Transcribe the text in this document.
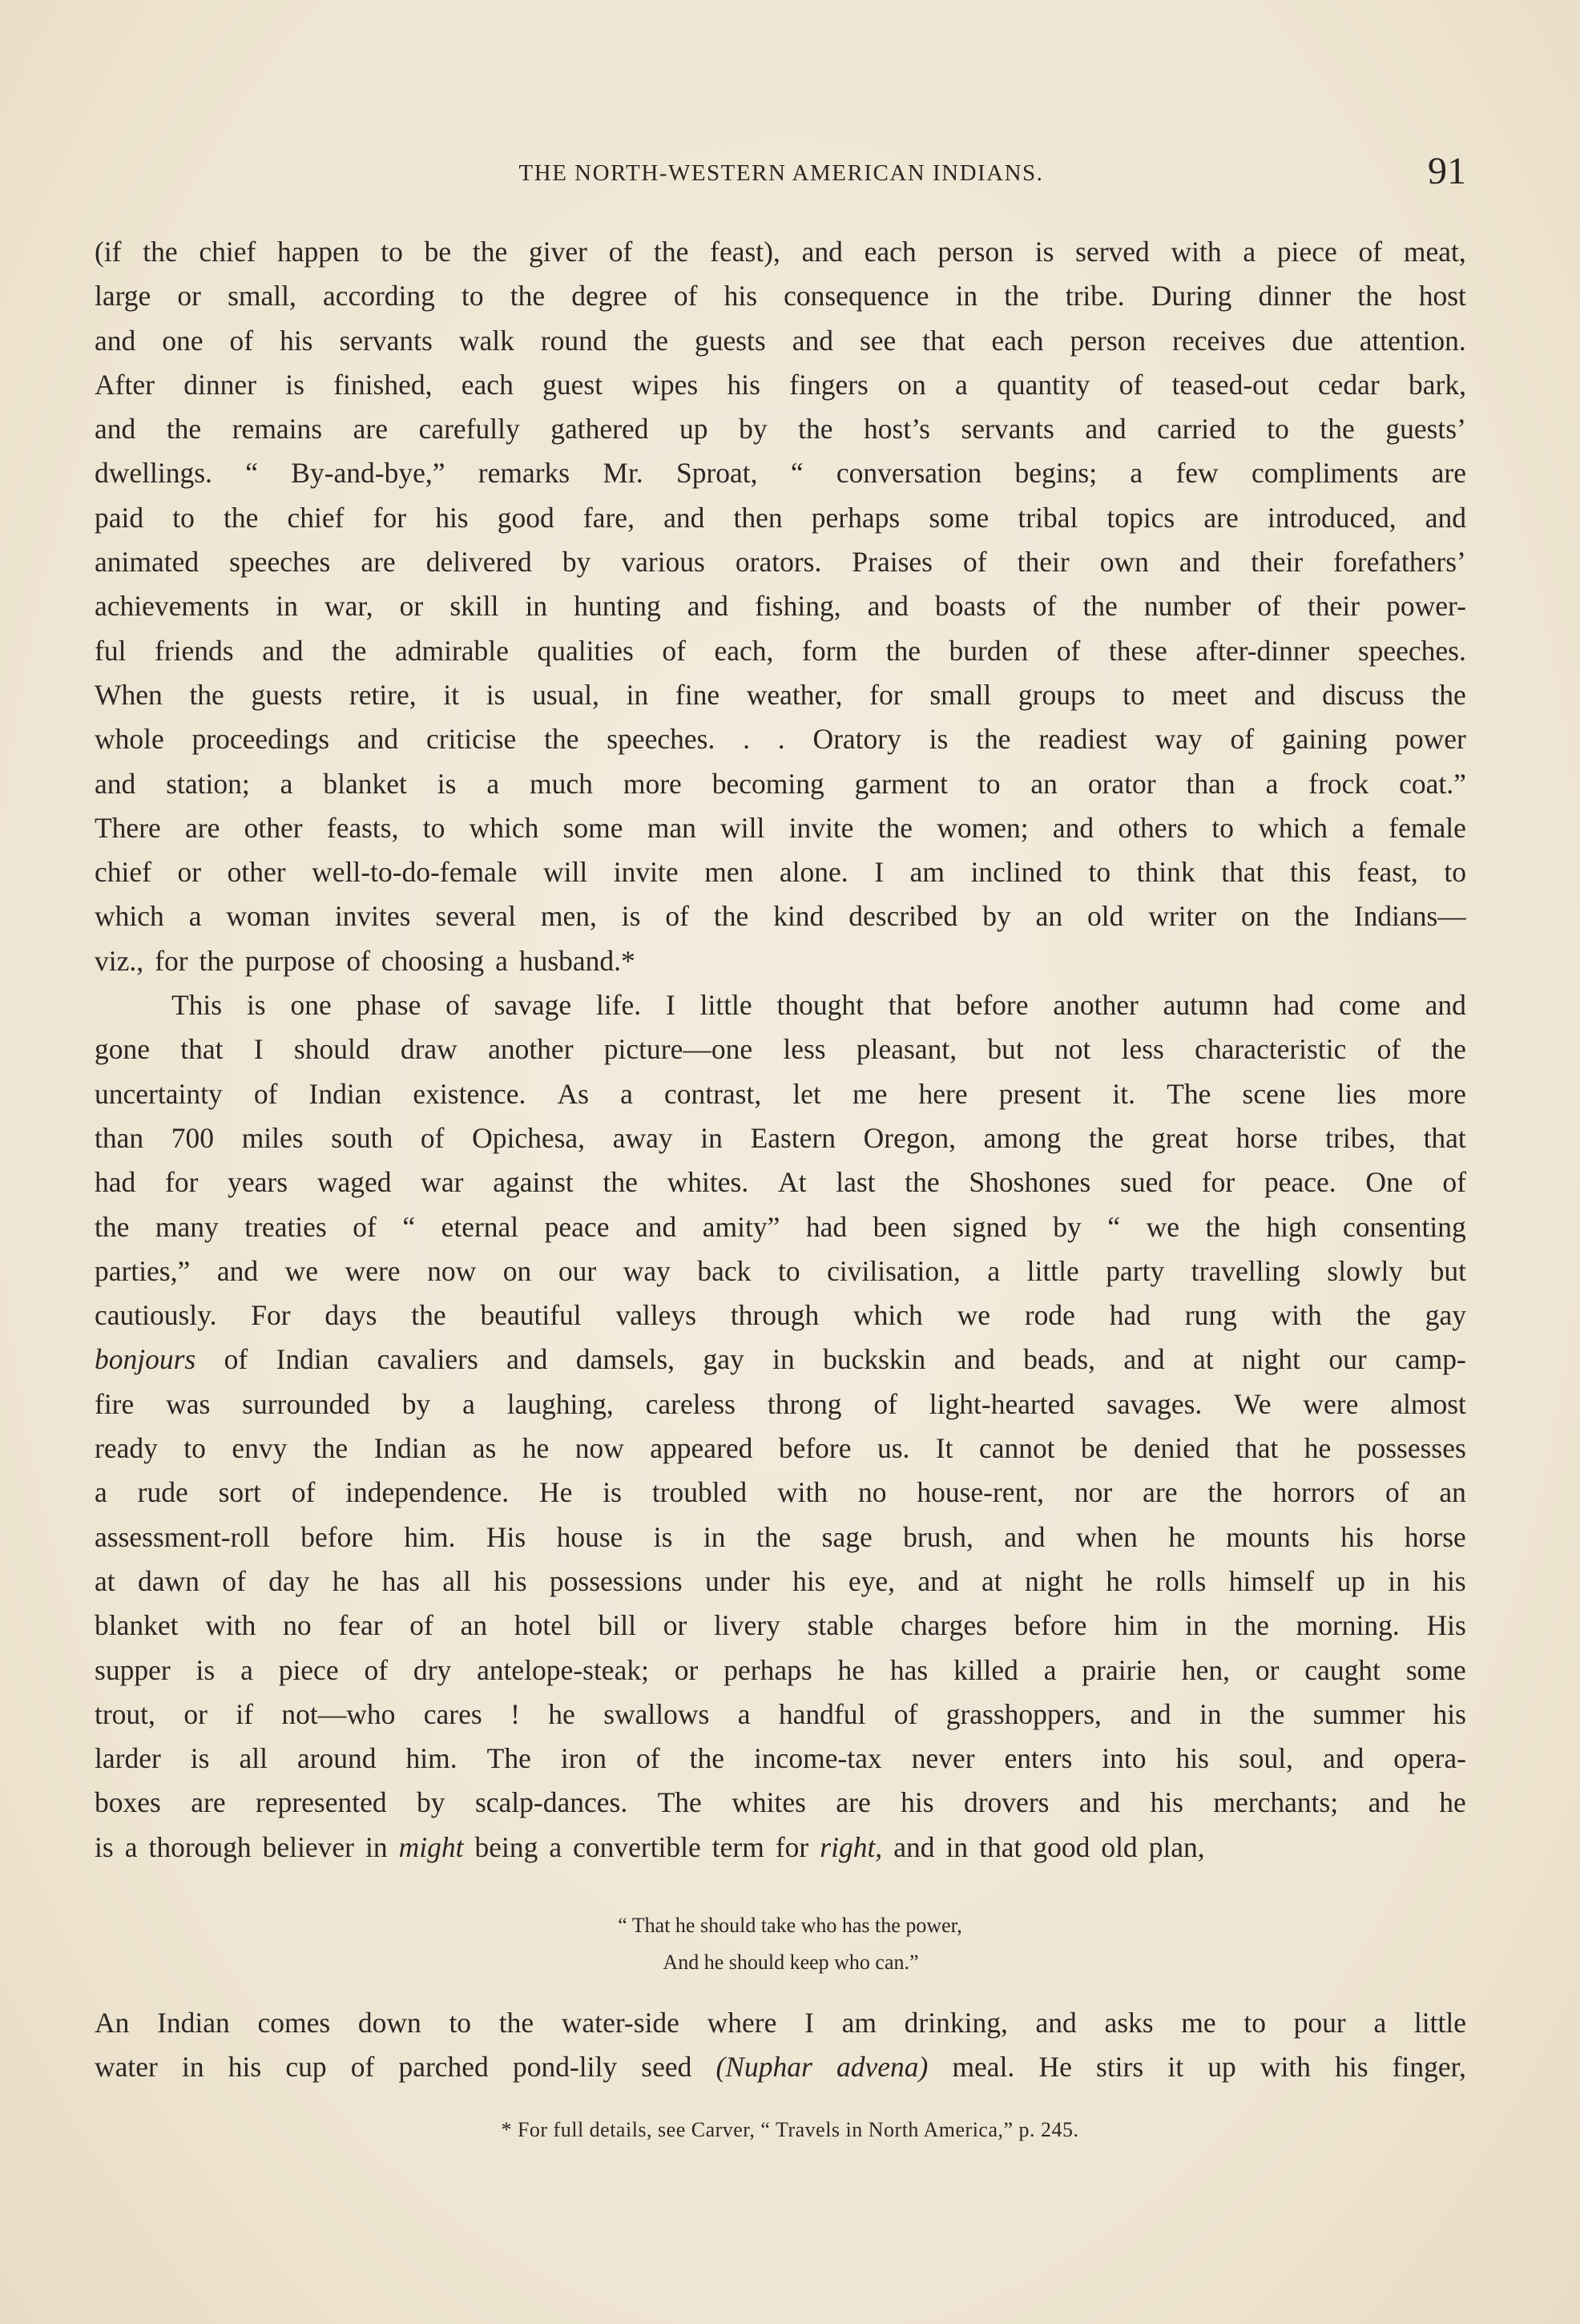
THE NORTH-WESTERN AMERICAN INDIANS.	91
(if the chief happen to be the giver of the feast), and each person is served with a piece of meat,
large or small, according to the degree of his consequence in the tribe. During dinner the host
and one of his servants walk round the guests and see that each person receives due attention.
After dinner is finished, each guest wipes his fingers on a quantity of teased-out cedar bark,
and the remains are carefully gathered up by the host’s servants and carried to the guests’
dwellings. “ By-and-bye,” remarks Mr. Sproat, “ conversation begins; a few compliments are
paid to the chief for his good fare, and then perhaps some tribal topics are introduced, and
animated speeches are delivered by various orators. Praises of their own and their forefathers’
achievements in war, or skill in hunting and fishing, and boasts of the number of their power-
ful friends and the admirable qualities of each, form the burden of these after-dinner speeches.
When the guests retire, it is usual, in fine weather, for small groups to meet and discuss the
whole proceedings and criticise the speeches. . . Oratory is the readiest way of gaining power
and station; a blanket is a much more becoming garment to an orator than a frock coat.”
There are other feasts, to which some man will invite the women; and others to which a female
chief or other well-to-do-female will invite men alone. I am inclined to think that this feast, to
which a woman invites several men, is of the kind described by an old writer on the Indians—
viz., for the purpose of choosing a husband.*
This is one phase of savage life. I little thought that before another autumn had come and
gone that I should draw another picture—one less pleasant, but not less characteristic of the
uncertainty of Indian existence. As a contrast, let me here present it. The scene lies more
than 700 miles south of Opichesa, away in Eastern Oregon, among the great horse tribes, that
had for years waged war against the whites. At last the Shoshones sued for peace. One of
the many treaties of “ eternal peace and amity” had been signed by “ we the high consenting
parties,” and we were now on our way back to civilisation, a little party travelling slowly but
cautiously. For days the beautiful valleys through which we rode had rung with the gay
bonjours of Indian cavaliers and damsels, gay in buckskin and beads, and at night our camp-
fire was surrounded by a laughing, careless throng of light-hearted savages. We were almost
ready to envy the Indian as he now appeared before us. It cannot be denied that he possesses
a rude sort of independence. He is troubled with no house-rent, nor are the horrors of an
assessment-roll before him. His house is in the sage brush, and when he mounts his horse
at dawn of day he has all his possessions under his eye, and at night he rolls himself up in his
blanket with no fear of an hotel bill or livery stable charges before him in the morning. His
supper is a piece of dry antelope-steak; or perhaps he has killed a prairie hen, or caught some
trout, or if not—who cares ! he swallows a handful of grasshoppers, and in the summer his
larder is all around him. The iron of the income-tax never enters into his soul, and opera-
boxes are represented by scalp-dances. The whites are his drovers and his merchants; and he
is a thorough believer in might being a convertible term for right, and in that good old plan,
“ That he should take who has the power,
And he should keep who can.”
An Indian comes down to the water-side where I am drinking, and asks me to pour a little
water in his cup of parched pond-lily seed (Nuphar advena) meal. He stirs it up with his finger,
* For full details, see Carver, “ Travels in North America,” p. 245.
